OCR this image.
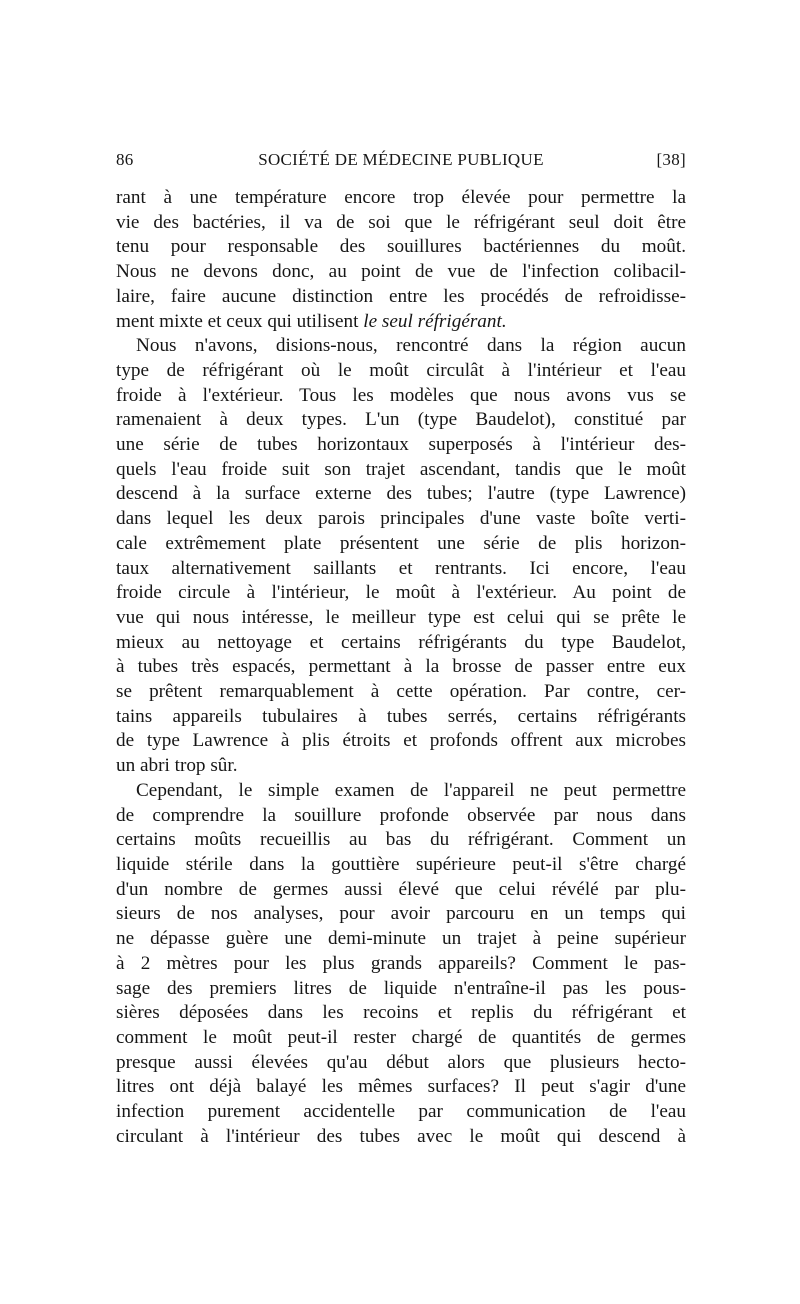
86	SOCIÉTÉ DE MÉDECINE PUBLIQUE	[38]

rant à une température encore trop élevée pour permettre la
vie des bactéries, il va de soi que le réfrigérant seul doit être
tenu pour responsable des souillures bactériennes du moût.
Nous ne devons donc, au point de vue de l'infection colibacil-
laire, faire aucune distinction entre les procédés de refroidisse-
ment mixte et ceux qui utilisent le seul réfrigérant.

Nous n'avons, disions-nous, rencontré dans la région aucun
type de réfrigérant où le moût circulât à l'intérieur et l'eau
froide à l'extérieur. Tous les modèles que nous avons vus se
ramenaient à deux types. L'un (type Baudelot), constitué par
une série de tubes horizontaux superposés à l'intérieur des-
quels l'eau froide suit son trajet ascendant, tandis que le moût
descend à la surface externe des tubes; l'autre (type Lawrence)
dans lequel les deux parois principales d'une vaste boîte verti-
cale extrêmement plate présentent une série de plis horizon-
taux alternativement saillants et rentrants. Ici encore, l'eau
froide circule à l'intérieur, le moût à l'extérieur. Au point de
vue qui nous intéresse, le meilleur type est celui qui se prête le
mieux au nettoyage et certains réfrigérants du type Baudelot,
à tubes très espacés, permettant à la brosse de passer entre eux
se prêtent remarquablement à cette opération. Par contre, cer-
tains appareils tubulaires à tubes serrés, certains réfrigérants
de type Lawrence à plis étroits et profonds offrent aux microbes
un abri trop sûr.

Cependant, le simple examen de l'appareil ne peut permettre
de comprendre la souillure profonde observée par nous dans
certains moûts recueillis au bas du réfrigérant. Comment un
liquide stérile dans la gouttière supérieure peut-il s'être chargé
d'un nombre de germes aussi élevé que celui révélé par plu-
sieurs de nos analyses, pour avoir parcouru en un temps qui
ne dépasse guère une demi-minute un trajet à peine supérieur
à 2 mètres pour les plus grands appareils? Comment le pas-
sage des premiers litres de liquide n'entraîne-il pas les pous-
sières déposées dans les recoins et replis du réfrigérant et
comment le moût peut-il rester chargé de quantités de germes
presque aussi élevées qu'au début alors que plusieurs hecto-
litres ont déjà balayé les mêmes surfaces? Il peut s'agir d'une
infection purement accidentelle par communication de l'eau
circulant à l'intérieur des tubes avec le moût qui descend à
